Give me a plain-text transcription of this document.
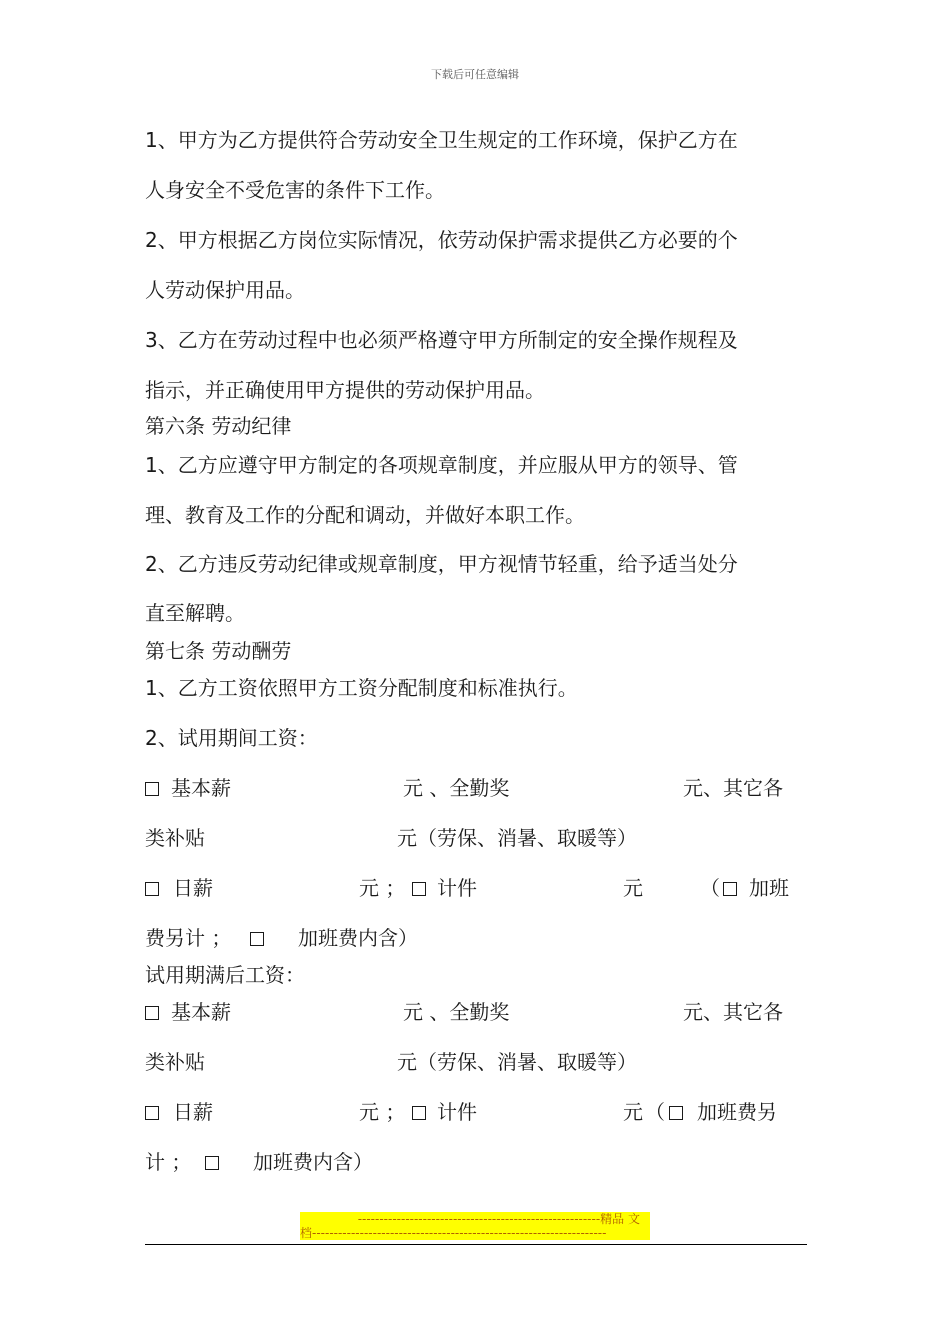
下载后可任意编辑
1、甲方为乙方提供符合劳动安全卫生规定的工作环境，保护乙方在
人身安全不受危害的条件下工作。
2、甲方根据乙方岗位实际情况，依劳动保护需求提供乙方必要的个
人劳动保护用品。
3、乙方在劳动过程中也必须严格遵守甲方所制定的安全操作规程及
指示，并正确使用甲方提供的劳动保护用品。
第六条 劳动纪律
1、乙方应遵守甲方制定的各项规章制度，并应服从甲方的领导、管
理、教育及工作的分配和调动，并做好本职工作。
2、乙方违反劳动纪律或规章制度，甲方视情节轻重，给予适当处分
直至解聘。
第七条 劳动酬劳
1、乙方工资依照甲方工资分配制度和标准执行。
2、试用期间工资：
基本薪	元 、全勤奖	元、其它各
类补贴	元（劳保、消暑、取暖等）
日薪	元 ； 计件	元	（ 加班
费另计 ；	加班费内含）
试用期满后工资：
基本薪	元 、全勤奖	元、其它各
类补贴	元（劳保、消暑、取暖等）
日薪	元 ； 计件	元 （ 加班费另
计 ；	加班费内含）
--------------------------------------------------------精品 文
档--------------------------------------------------------------------
